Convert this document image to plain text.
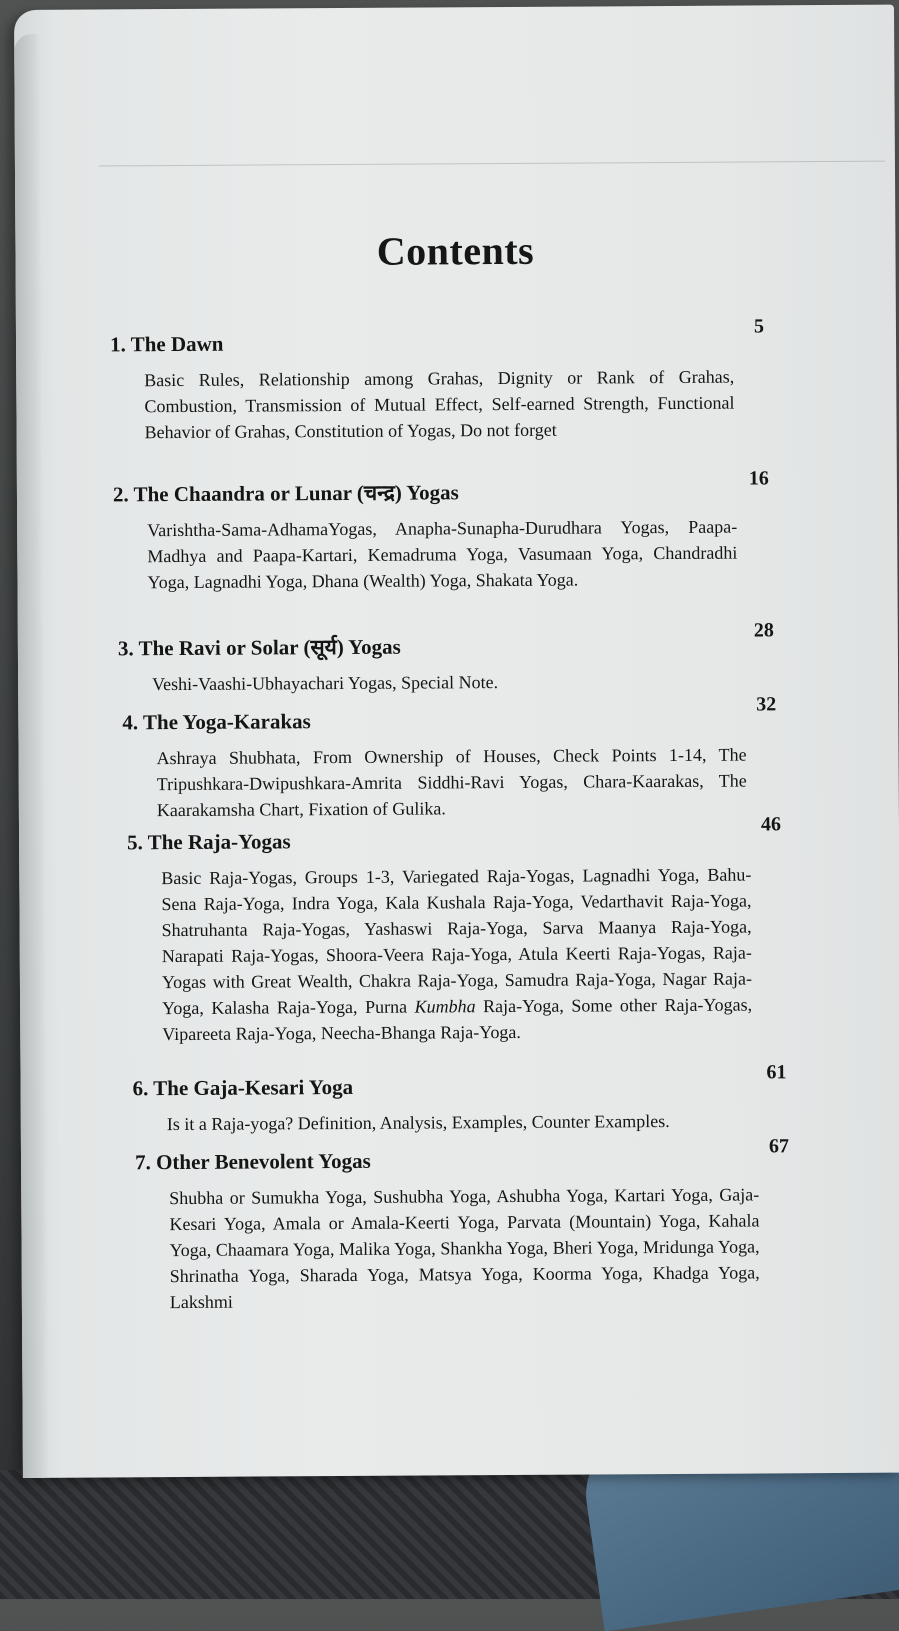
Contents
1. The Dawn
Basic Rules, Relationship among Grahas, Dignity or Rank of Grahas, Combustion, Transmission of Mutual Effect, Self-earned Strength, Functional Behavior of Grahas, Constitution of Yogas, Do not forget
5
2. The Chaandra or Lunar (चन्द्र) Yogas
Varishtha-Sama-AdhamaYogas, Anapha-Sunapha-Durudhara Yogas, Paapa-Madhya and Paapa-Kartari, Kemadruma Yoga, Vasumaan Yoga, Chandradhi Yoga, Lagnadhi Yoga, Dhana (Wealth) Yoga, Shakata Yoga.
16
3. The Ravi or Solar (सूर्य) Yogas
Veshi-Vaashi-Ubhayachari Yogas, Special Note.
28
4. The Yoga-Karakas
Ashraya Shubhata, From Ownership of Houses, Check Points 1-14, The Tripushkara-Dwipushkara-Amrita Siddhi-Ravi Yogas, Chara-Kaarakas, The Kaarakamsha Chart, Fixation of Gulika.
32
5. The Raja-Yogas
Basic Raja-Yogas, Groups 1-3, Variegated Raja-Yogas, Lagnadhi Yoga, Bahu-Sena Raja-Yoga, Indra Yoga, Kala Kushala Raja-Yoga, Vedarthavit Raja-Yoga, Shatruhanta Raja-Yogas, Yashaswi Raja-Yoga, Sarva Maanya Raja-Yoga, Narapati Raja-Yogas, Shoora-Veera Raja-Yoga, Atula Keerti Raja-Yogas, Raja-Yogas with Great Wealth, Chakra Raja-Yoga, Samudra Raja-Yoga, Nagar Raja-Yoga, Kalasha Raja-Yoga, Purna Kumbha Raja-Yoga, Some other Raja-Yogas, Vipareeta Raja-Yoga, Neecha-Bhanga Raja-Yoga.
46
6. The Gaja-Kesari Yoga
Is it a Raja-yoga? Definition, Analysis, Examples, Counter Examples.
61
7. Other Benevolent Yogas
Shubha or Sumukha Yoga, Sushubha Yoga, Ashubha Yoga, Kartari Yoga, Gaja-Kesari Yoga, Amala or Amala-Keerti Yoga, Parvata (Mountain) Yoga, Kahala Yoga, Chaamara Yoga, Malika Yoga, Shankha Yoga, Bheri Yoga, Mridunga Yoga, Shrinatha Yoga, Sharada Yoga, Matsya Yoga, Koorma Yoga, Khadga Yoga, Lakshmi
67
